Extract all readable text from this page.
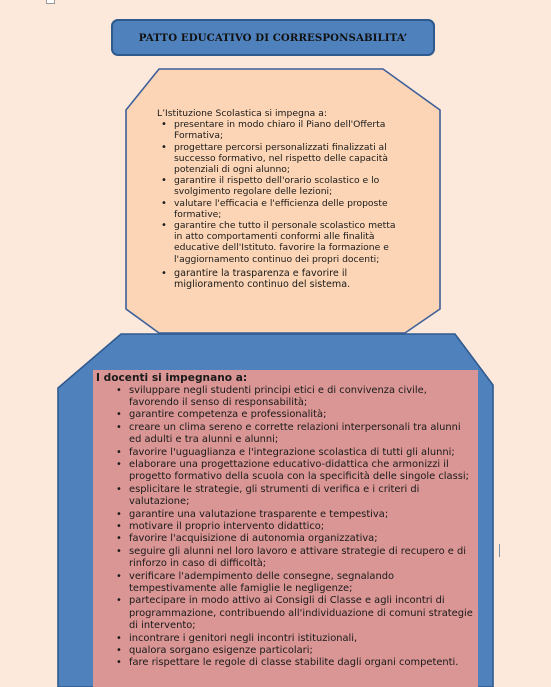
PATTO EDUCATIVO DI CORRESPONSABILITA’
L’Istituzione Scolastica si impegna a:
• presentare in modo chiaro il Piano dell'Offerta Formativa;
• progettare percorsi personalizzati finalizzati al successo formativo, nel rispetto delle capacità potenziali di ogni alunno;
• garantire il rispetto dell'orario scolastico e lo svolgimento regolare delle lezioni;
• valutare l'efficacia e l'efficienza delle proposte formative;
• garantire che tutto il personale scolastico metta in atto comportamenti conformi alle finalità educative dell'Istituto. favorire la formazione e l'aggiornamento continuo dei propri docenti;
• garantire la trasparenza e favorire il miglioramento continuo del sistema.
I docenti si impegnano a:
• sviluppare negli studenti principi etici e di convivenza civile, favorendo il senso di responsabilità;
• garantire competenza e professionalità;
• creare un clima sereno e corrette relazioni interpersonali tra alunni ed adulti e tra alunni e alunni;
• favorire l'uguaglianza e l'integrazione scolastica di tutti gli alunni;
• elaborare una progettazione educativo-didattica che armonizzi il progetto formativo della scuola con la specificità delle singole classi;
• esplicitare le strategie, gli strumenti di verifica e i criteri di valutazione;
• garantire una valutazione trasparente e tempestiva;
• motivare il proprio intervento didattico;
• favorire l'acquisizione di autonomia organizzativa;
• seguire gli alunni nel loro lavoro e attivare strategie di recupero e di rinforzo in caso di difficoltà;
• verificare l'adempimento delle consegne, segnalando tempestivamente alle famiglie le negligenze;
• partecipare in modo attivo ai Consigli di Classe e agli incontri di programmazione, contribuendo all'individuazione di comuni strategie di intervento;
• incontrare i genitori negli incontri istituzionali,
• qualora sorgano esigenze particolari;
• fare rispettare le regole di classe stabilite dagli organi competenti.
